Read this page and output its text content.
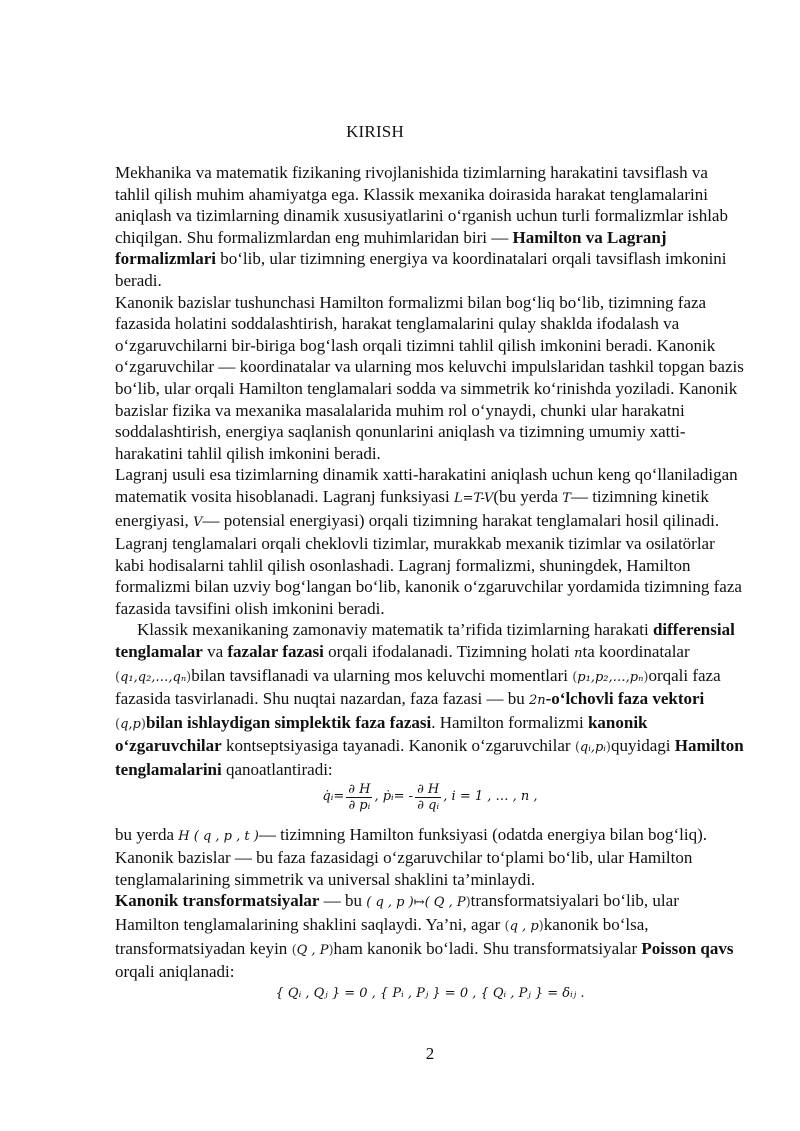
KIRISH

Mekhanika va matematik fizikaning rivojlanishida tizimlarning harakatini tavsiflash va tahlil qilish muhim ahamiyatga ega. Klassik mexanika doirasida harakat tenglamalarini aniqlash va tizimlarning dinamik xususiyatlarini o‘rganish uchun turli formalizmlar ishlab chiqilgan. Shu formalizmlardan eng muhimlaridan biri — Hamilton va Lagranj formalizmlari bo‘lib, ular tizimning energiya va koordinatalari orqali tavsiflash imkonini beradi.

Kanonik bazislar tushunchasi Hamilton formalizmi bilan bog‘liq bo‘lib, tizimning faza fazasida holatini soddalashtirish, harakat tenglamalarini qulay shaklda ifodalash va o‘zgaruvchilarni bir-biriga bog‘lash orqali tizimni tahlil qilish imkonini beradi. Kanonik o‘zgaruvchilar — koordinatalar va ularning mos keluvchi impulslaridan tashkil topgan bazis bo‘lib, ular orqali Hamilton tenglamalari sodda va simmetrik ko‘rinishda yoziladi. Kanonik bazislar fizika va mexanika masalalarida muhim rol o‘ynaydi, chunki ular harakatni soddalashtirish, energiya saqlanish qonunlarini aniqlash va tizimning umumiy xatti-harakatini tahlil qilish imkonini beradi.

Lagranj usuli esa tizimlarning dinamik xatti-harakatini aniqlash uchun keng qo‘llaniladigan matematik vosita hisoblanadi. Lagranj funksiyasi L=T-V(bu yerda T— tizimning kinetik energiyasi, V— potensial energiyasi) orqali tizimning harakat tenglamalari hosil qilinadi. Lagranj tenglamalari orqali cheklovli tizimlar, murakkab mexanik tizimlar va osilatörlar kabi hodisalarni tahlil qilish osonlashadi. Lagranj formalizmi, shuningdek, Hamilton formalizmi bilan uzviy bog‘langan bo‘lib, kanonik o‘zgaruvchilar yordamida tizimning faza fazasida tavsifini olish imkonini beradi.

Klassik mexanikaning zamonaviy matematik ta’rifida tizimlarning harakati differensial tenglamalar va fazalar fazasi orqali ifodalanadi. Tizimning holati nta koordinatalar (q₁,q₂,…,qₙ)bilan tavsiflanadi va ularning mos keluvchi momentlari (p₁,p₂,…,pₙ)orqali faza fazasida tasvirlanadi. Shu nuqtai nazardan, faza fazasi — bu 2n-o‘lchovli faza vektori (q,p)bilan ishlaydigan simplektik faza fazasi. Hamilton formalizmi kanonik o‘zgaruvchilar kontseptsiyasiga tayanadi. Kanonik o‘zgaruvchilar (qᵢ,pᵢ)quyidagi Hamilton tenglamalarini qanoatlantiradi:

q̇ᵢ = $\frac{\partial H}{\text{∂ pᵢ}}$ , ṗᵢ = - $\frac{\partial H}{\text{∂ qᵢ}}$ , i = 1 , … , n ,

bu yerda H ( q , p , t )— tizimning Hamilton funksiyasi (odatda energiya bilan bog‘liq). Kanonik bazislar — bu faza fazasidagi o‘zgaruvchilar to‘plami bo‘lib, ular Hamilton tenglamalarining simmetrik va universal shaklini ta’minlaydi.

Kanonik transformatsiyalar — bu ( q , p )↦( Q , P)transformatsiyalari bo‘lib, ular Hamilton tenglamalarining shaklini saqlaydi. Ya’ni, agar (q , p)kanonik bo‘lsa, transformatsiyadan keyin (Q , P)ham kanonik bo‘ladi. Shu transformatsiyalar Poisson qavs orqali aniqlanadi:

{ Qᵢ , Qⱼ } = 0 , { Pᵢ , Pⱼ } = 0 , { Qᵢ , Pⱼ } = δᵢⱼ .
2
